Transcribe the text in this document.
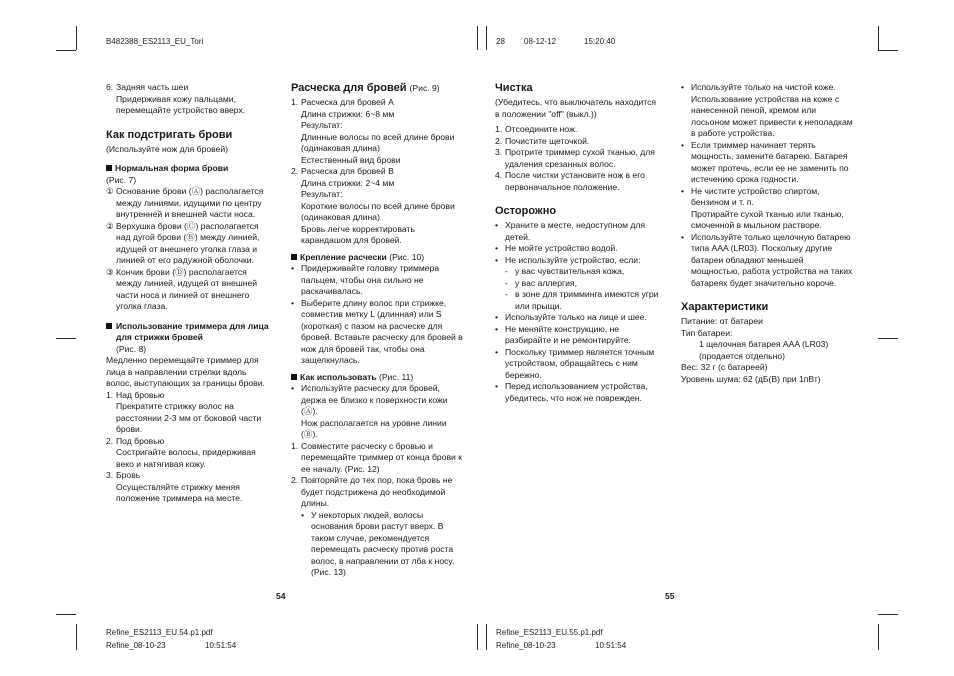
B482388_ES2113_EU_Tori	28 08-12-12	15:20:40
Refine_ES2113_EU.54.p1.pdf
Refine_08-10-23	10:51:54
Refine_ES2113_EU.55.p1.pdf
Refine_08-10-23	10:51:54
54	55
6. Задняя часть шеи
Придерживая кожу пальцами, перемещайте устройство вверх.
Как подстригать брови

(Используйте нож для бровей)

Нормальная форма брови

(Рис. 7)

① Основание брови (Ⓐ) располагается между линиями, идущими по центру внутренней и внешней части носа.
② Верхушка брови (Ⓒ) располагается над дугой брови (Ⓑ) между линией, идущей от внешнего уголка глаза и линией от его радужной оболочки.
③ Кончик брови (Ⓓ) располагается между линией, идущей от внешней части носа и линией от внешнего уголка глаза.
Использование триммера для лица для стрижки бровей

(Рис. 8)

Медленно перемещайте триммер для лица в направлении стрелки вдоль волос, выступающих за границы брови.

1. Над бровью
Прекратите стрижку волос на расстоянии 2-3 мм от боковой части брови.
2. Под бровью
Состригайте волосы, придерживая веко и натягивая кожу.
3. Бровь
Осуществляйте стрижку меняя положение триммера на месте.
Расческа для бровей (Рис. 9)
1. Расческа для бровей A
Длина стрижки: 6~8 мм
Результат:
Длинные волосы по всей длине брови (одинаковая длина)
Естественный вид брови
2. Расческа для бровей B
Длина стрижки: 2~4 мм
Результат:
Короткие волосы по всей длине брови (одинаковая длина)
Бровь легче корректировать карандашом для бровей.
Крепление расчески (Рис. 10)
• Придерживайте головку триммера пальцем, чтобы она сильно не раскачивалась.
• Выберите длину волос при стрижке, совместив метку L (длинная) или S (короткая) с пазом на расческе для бровей. Вставьте расческу для бровей в нож для бровей так, чтобы она защелкнулась.
Как использовать (Рис. 11)
• Используйте расческу для бровей, держа ее близко к поверхности кожи (Ⓐ).
Нож располагается на уровне линии (Ⓑ).
1. Совместите расческу с бровью и перемещайте триммер от конца брови к ее началу. (Рис. 12)
2. Повторяйте до тех пор, пока бровь не будет подстрижена до необходимой длины.
• У некоторых людей, волосы основания брови растут вверх. В таком случае, рекомендуется перемещать расческу против роста волос, в направлении от лба к носу. (Рис. 13)
Чистка

(Убедитесь, что выключатель находится в положении "off" (выкл.))

1. Отсоедините нож.
2. Почистите щеточкой.
3. Протрите триммер сухой тканью, для удаления срезанных волос.
4. После чистки установите нож в его первоначальное положение.
Осторожно
• Храните в месте, недоступном для детей.
• Не мойте устройство водой.
• Не используйте устройство, если:
- у вас чувствительная кожа,
- у вас аллергия,
- в зоне для тримминга имеются угри или прыщи.
• Используйте только на лице и шее.
• Не меняйте конструкцию, не разбирайте и не ремонтируйте.
• Поскольку триммер является точным устройством, обращайтесь с ним бережно.
• Перед использованием устройства, убедитесь, что нож не поврежден.
• Используйте только на чистой коже.
Использование устройства на коже с нанесенной пеной, кремом или лосьоном может привести к неполадкам в работе устройства.
• Если триммер начинает терять мощность, замените батарею. Батарея может протечь, если ее не заменить по истечению срока годности.
• Не чистите устройство спиртом, бензином и т. п.
Протирайте сухой тканью или тканью, смоченной в мыльном растворе.
• Используйте только щелочную батарею типа AAA (LR03). Поскольку другие батареи обладают меньшей мощностью, работа устройства на таких батареях будет значительно короче.
Характеристики

Питание: от батареи

Тип батареи:

1 щелочная батарея AAA (LR03) (продается отдельно)

Вес: 32 г (с батареей)

Уровень шума: 62 (дБ(В) при 1пВт)
